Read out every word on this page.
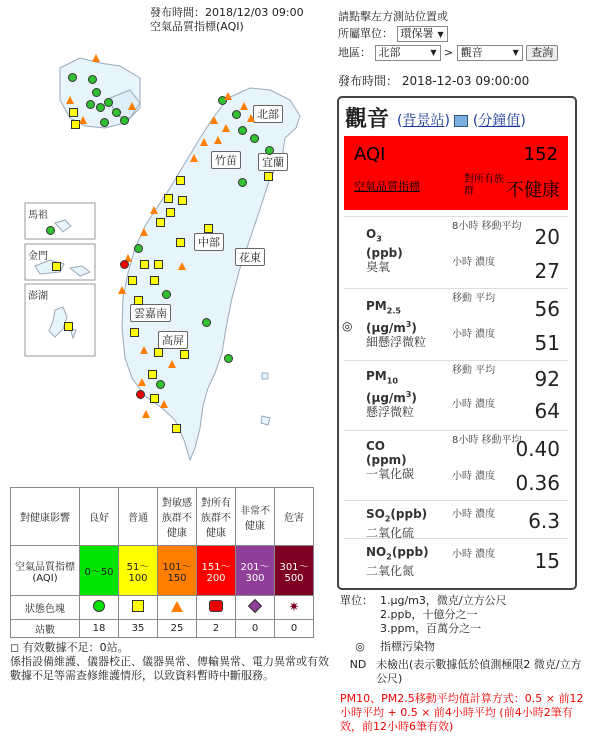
發布時間：2018/12/03 09:00
空氣品質指標(AQI)
請點擊左方測站位置或
所屬單位： 環保署 ▼
地區： 北部	▼ > 觀音	▼ 查詢
發布時間： 2018-12-03 09:00:00
北部
竹苗	宜蘭
中部
花東
雲嘉南
高屏
馬祖
金門
澎湖
觀音 (背景站) (分鐘值)
AQI	152
空氣品質指標
對所有族群	不健康
$O_3$
(ppb)
臭氧
8小時 移動平均 20
小時 濃度 27
◎
$PM_{2.5}$
$(\mu g/m^3)$
細懸浮微粒
移動 平均 56
小時 濃度 51
$PM_{10}$
$(\mu g/m^3)$
懸浮微粒
移動 平均 92
小時 濃度 64
CO
(ppm)
一氧化碳
8小時 移動平均
0.40
小時 濃度 0.36
$SO_2(ppb)$
二氧化硫
小時 濃度 6.3
$NO_2(ppb)$
二氧化氮
小時 濃度 15
對健康影響	良好	普通	對敏感族群不健康	對所有族群不健康	非常不健康	危害
空氣品質指標(AQI)	0～50	51～100	101～150	151～200	201～300	301～500
狀態色塊						✷
站數	18	35	25	2	0	0
◻ 有效數據不足：0站。
係指設備維護、儀器校正、儀器異常、傳輸異常、電力異常或有效數據不足等需查修維護情形，以致資料暫時中斷服務。
單位： 1.μg/m3，微克/立方公尺
2.ppb，十億分之一
3.ppm，百萬分之一
◎	指標污染物
ND 未檢出(表示數據低於偵測極限2 微克/立方公尺)
PM10、PM2.5移動平均值計算方式：0.5 × 前12小時平均 + 0.5 × 前4小時平均 (前4小時2筆有效，前12小時6筆有效)
